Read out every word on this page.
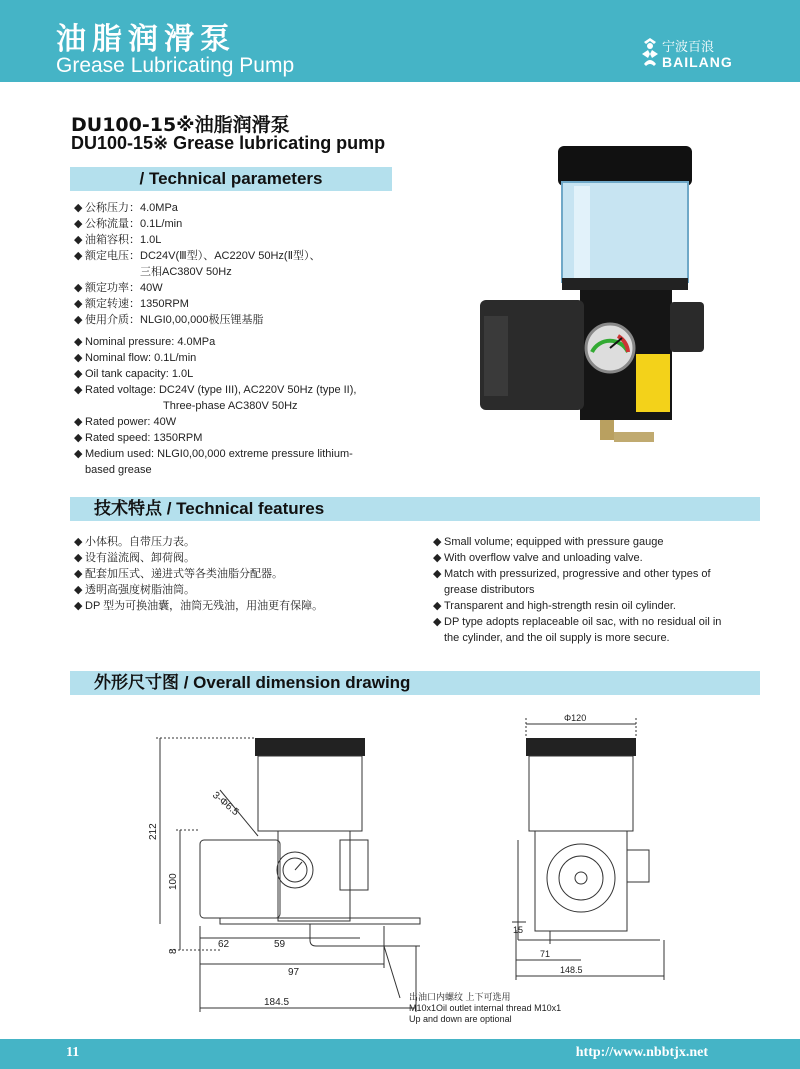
油脂润滑泵
Grease Lubricating Pump
宁波百浪
BAILANG
DU100-15※油脂润滑泵
DU100-15※ Grease lubricating pump
/ Technical parameters
◆ 公称压力：4.0MPa
◆ 公称流量：0.1L/min
◆ 油箱容积：1.0L
◆ 额定电压：DC24V(Ⅲ型）、AC220V 50Hz(Ⅱ型）、
三相AC380V 50Hz
◆ 额定功率：40W
◆ 额定转速：1350RPM
◆ 使用介质：NLGI0,00,000极压锂基脂
◆ Nominal pressure: 4.0MPa
◆ Nominal flow: 0.1L/min
◆ Oil tank capacity: 1.0L
◆ Rated voltage: DC24V (type III), AC220V 50Hz (type II),
Three-phase AC380V 50Hz
◆ Rated power: 40W
◆ Rated speed: 1350RPM
◆ Medium used: NLGI0,00,000 extreme pressure lithium-
based grease
技术特点 / Technical features
◆ 小体积。自带压力表。
◆ 设有溢流阀、卸荷阀。
◆ 配套加压式、递进式等各类油脂分配器。
◆ 透明高强度树脂油筒。
◆ DP 型为可换油囊，油筒无残油，用油更有保障。
◆ Small volume; equipped with pressure gauge
◆ With overflow valve and unloading valve.
◆ Match with pressurized, progressive and other types of
grease distributors
◆ Transparent and high-strength resin oil cylinder.
◆ DP type adopts replaceable oil sac, with no residual oil in
the cylinder, and the oil supply is more secure.
外形尺寸图 / Overall dimension drawing
212
100
8
62	59
97
184.5
3-Φ6.5
Φ120
15
71
148.5
出油口内螺纹 上下可选用
M10x1Oil outlet internal thread M10x1
Up and down are optional
11	http://www.nbbtjx.net
